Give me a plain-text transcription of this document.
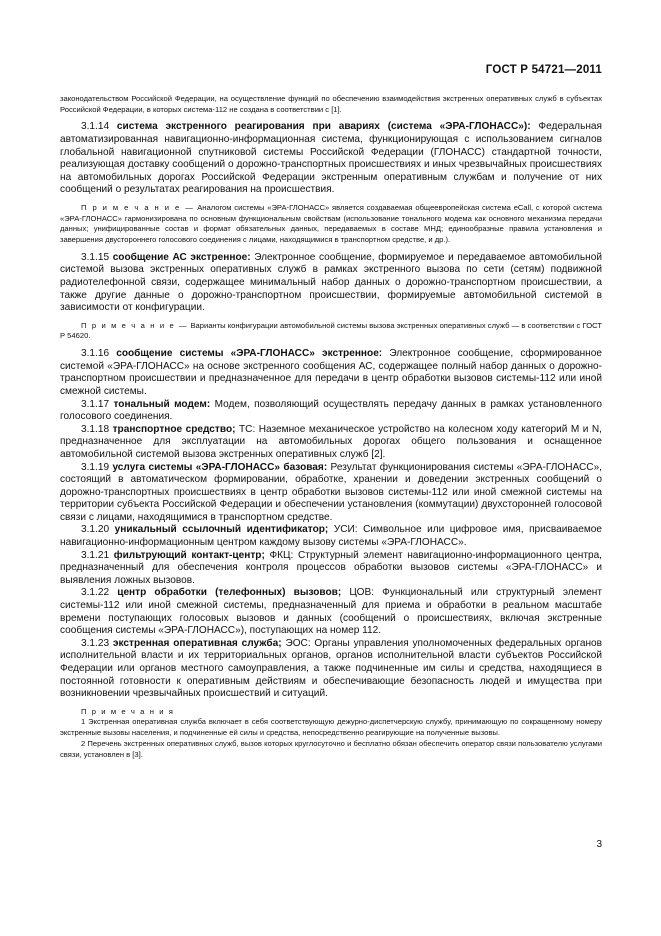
ГОСТ Р 54721—2011

законодательством Российской Федерации, на осуществление функций по обеспечению взаимодействия экстренных оперативных служб в субъектах Российской Федерации, в которых система-112 не создана в соответствии с [1].

3.1.14 система экстренного реагирования при авариях (система «ЭРА-ГЛОНАСС»): Федеральная автоматизированная навигационно-информационная система, функционирующая с использованием сигналов глобальной навигационной спутниковой системы Российской Федерации (ГЛОНАСС) стандартной точности, реализующая доставку сообщений о дорожно-транспортных происшествиях и иных чрезвычайных происшествиях на автомобильных дорогах Российской Федерации экстренным оперативным службам и получение от них сообщений о результатах реагирования на происшествия.

П р и м е ч а н и е — Аналогом системы «ЭРА-ГЛОНАСС» является создаваемая общеевропейская система eCall, с которой система «ЭРА-ГЛОНАСС» гармонизирована по основным функциональным свойствам (использование тонального модема как основного механизма передачи данных; унифицированные состав и формат обязательных данных, передаваемых в составе МНД; единообразные правила установления и завершения двустороннего голосового соединения с лицами, находящимися в транспортном средстве, и др.).

3.1.15 сообщение АС экстренное: Электронное сообщение, формируемое и передаваемое автомобильной системой вызова экстренных оперативных служб в рамках экстренного вызова по сети (сетям) подвижной радиотелефонной связи, содержащее минимальный набор данных о дорожно-транспортном происшествии, а также другие данные о дорожно-транспортном происшествии, формируемые автомобильной системой в зависимости от конфигурации.

П р и м е ч а н и е — Варианты конфигурации автомобильной системы вызова экстренных оперативных служб — в соответствии с ГОСТ Р 54620.

3.1.16 сообщение системы «ЭРА-ГЛОНАСС» экстренное: Электронное сообщение, сформированное системой «ЭРА-ГЛОНАСС» на основе экстренного сообщения АС, содержащее полный набор данных о дорожно-транспортном происшествии и предназначенное для передачи в центр обработки вызовов системы-112 или иной смежной системы.

3.1.17 тональный модем: Модем, позволяющий осуществлять передачу данных в рамках установленного голосового соединения.

3.1.18 транспортное средство; ТС: Наземное механическое устройство на колесном ходу категорий M и N, предназначенное для эксплуатации на автомобильных дорогах общего пользования и оснащенное автомобильной системой вызова экстренных оперативных служб [2].

3.1.19 услуга системы «ЭРА-ГЛОНАСС» базовая: Результат функционирования системы «ЭРА-ГЛОНАСС», состоящий в автоматическом формировании, обработке, хранении и доведении экстренных сообщений о дорожно-транспортных происшествиях в центр обработки вызовов системы-112 или иной смежной системы на территории субъекта Российской Федерации и обеспечении установления (коммутации) двухсторонней голосовой связи с лицами, находящимися в транспортном средстве.

3.1.20 уникальный ссылочный идентификатор; УСИ: Символьное или цифровое имя, присваиваемое навигационно-информационным центром каждому вызову системы «ЭРА-ГЛОНАСС».

3.1.21 фильтрующий контакт-центр; ФКЦ: Структурный элемент навигационно-информационного центра, предназначенный для обеспечения контроля процессов обработки вызовов системы «ЭРА-ГЛОНАСС» и выявления ложных вызовов.

3.1.22 центр обработки (телефонных) вызовов; ЦОВ: Функциональный или структурный элемент системы-112 или иной смежной системы, предназначенный для приема и обработки в реальном масштабе времени поступающих голосовых вызовов и данных (сообщений о происшествиях, включая экстренные сообщения системы «ЭРА-ГЛОНАСС»), поступающих на номер 112.

3.1.23 экстренная оперативная служба; ЭОС: Органы управления уполномоченных федеральных органов исполнительной власти и их территориальных органов, органов исполнительной власти субъектов Российской Федерации или органов местного самоуправления, а также подчиненные им силы и средства, находящиеся в постоянной готовности к оперативным действиям и обеспечивающие безопасность людей и имущества при возникновении чрезвычайных происшествий и ситуаций.

П р и м е ч а н и я

1 Экстренная оперативная служба включает в себя соответствующую дежурно-диспетчерскую службу, принимающую по сокращенному номеру экстренные вызовы населения, и подчиненные ей силы и средства, непосредственно реагирующие на полученные вызовы.

2 Перечень экстренных оперативных служб, вызов которых круглосуточно и бесплатно обязан обеспечить оператор связи пользователю услугами связи, установлен в [3].

3
